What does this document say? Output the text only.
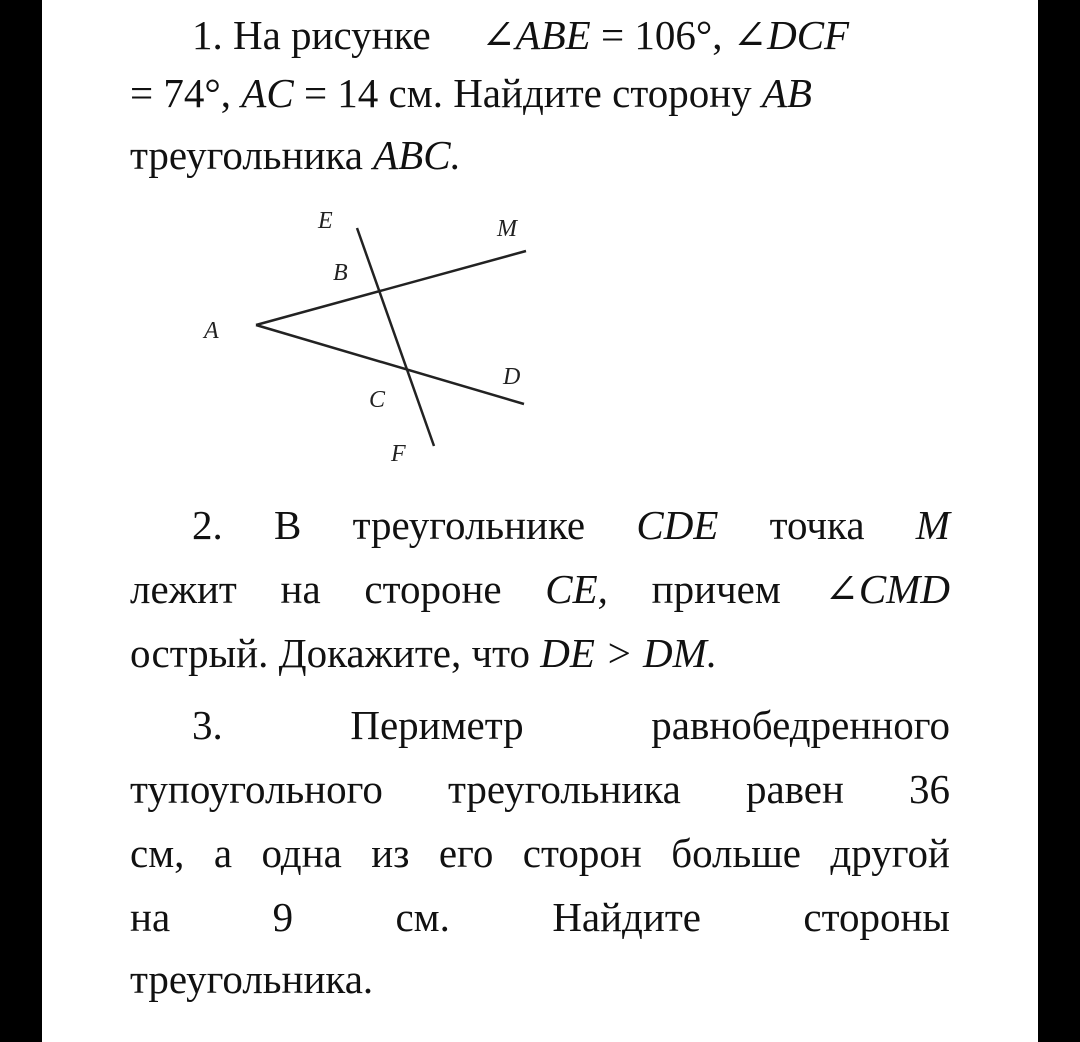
1. На рисунке ∠ABE = 106°, ∠DCF
= 74°, AC = 14 см. Найдите сторону AB
треугольника ABC.
E	M
B
A
D
C
F
2. В треугольнике CDE точка M
лежит на стороне CE, причем ∠CMD
острый. Докажите, что DE > DM.
3.	Периметр	равнобедренного
тупоугольного треугольника равен 36
см, а одна из его сторон больше другой
на 9 см. Найдите стороны
треугольника.
